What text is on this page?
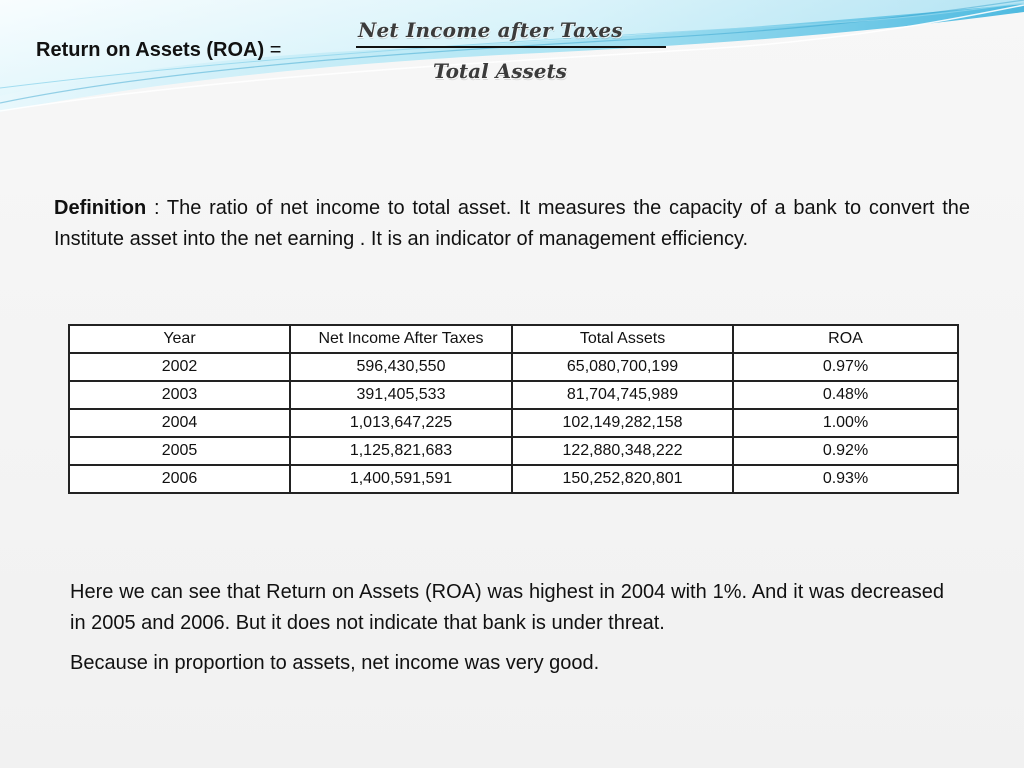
Return on Assets (ROA) =
Net Income after Taxes
Total Assets
Definition : The ratio of net income to total asset. It measures the capacity of a bank to convert the Institute asset into the net earning . It is an indicator of management efficiency.
Year	Net Income After Taxes	Total Assets	ROA
2002	596,430,550	65,080,700,199	0.97%
2003	391,405,533	81,704,745,989	0.48%
2004	1,013,647,225	102,149,282,158	1.00%
2005	1,125,821,683	122,880,348,222	0.92%
2006	1,400,591,591	150,252,820,801	0.93%
Here we can see that Return on Assets (ROA) was highest in 2004 with 1%. And it was decreased in 2005 and 2006. But it does not indicate that bank is under threat.
Because in proportion to assets, net income was very good.
